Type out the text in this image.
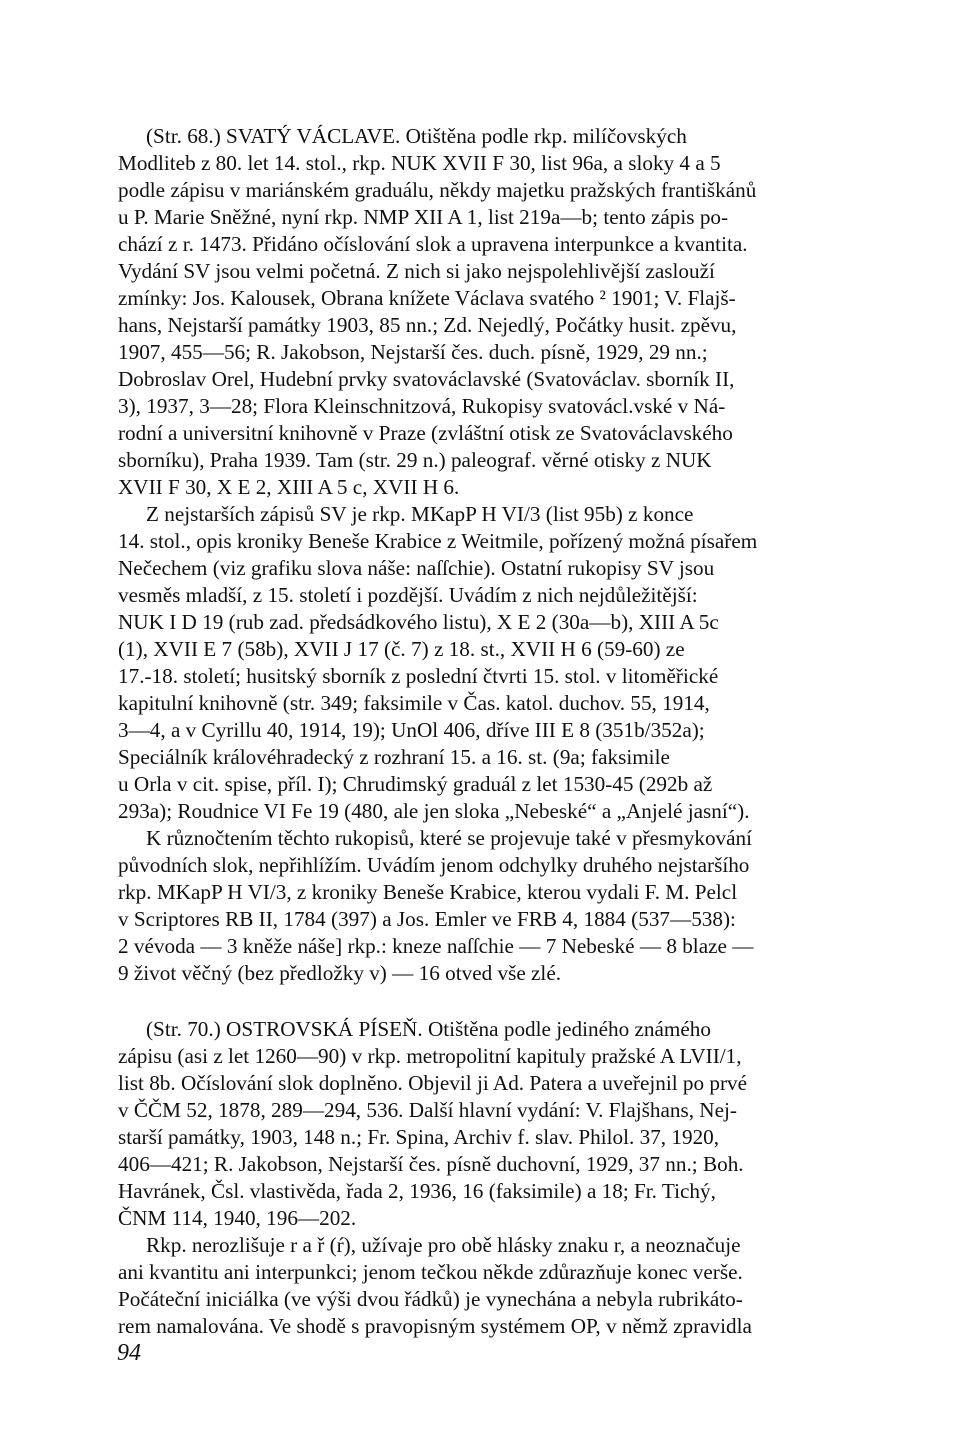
(Str. 68.) SVATÝ VÁCLAVE. Otištěna podle rkp. milíčovských
Modliteb z 80. let 14. stol., rkp. NUK XVII F 30, list 96a, a sloky 4 a 5
podle zápisu v mariánském graduálu, někdy majetku pražských františkánů
u P. Marie Sněžné, nyní rkp. NMP XII A 1, list 219a—b; tento zápis po-
chází z r. 1473. Přidáno očíslování slok a upravena interpunkce a kvantita.
Vydání SV jsou velmi početná. Z nich si jako nejspolehlivější zaslouží
zmínky: Jos. Kalousek, Obrana knížete Václava svatého ² 1901; V. Flajš-
hans, Nejstarší památky 1903, 85 nn.; Zd. Nejedlý, Počátky husit. zpěvu,
1907, 455—56; R. Jakobson, Nejstarší čes. duch. písně, 1929, 29 nn.;
Dobroslav Orel, Hudební prvky svatováclavské (Svatováclav. sborník II,
3), 1937, 3—28; Flora Kleinschnitzová, Rukopisy svatovácl.vské v Ná-
rodní a universitní knihovně v Praze (zvláštní otisk ze Svatováclavského
sborníku), Praha 1939. Tam (str. 29 n.) paleograf. věrné otisky z NUK
XVII F 30, X E 2, XIII A 5 c, XVII H 6.
Z nejstarších zápisů SV je rkp. MKapP H VI/3 (list 95b) z konce
14. stol., opis kroniky Beneše Krabice z Weitmile, pořízený možná písařem
Nečechem (viz grafiku slova náše: naſſchie). Ostatní rukopisy SV jsou
vesměs mladší, z 15. století i pozdější. Uvádím z nich nejdůležitější:
NUK I D 19 (rub zad. předsádkového listu), X E 2 (30a—b), XIII A 5c
(1), XVII E 7 (58b), XVII J 17 (č. 7) z 18. st., XVII H 6 (59-60) ze
17.-18. století; husitský sborník z poslední čtvrti 15. stol. v litoměřické
kapitulní knihovně (str. 349; faksimile v Čas. katol. duchov. 55, 1914,
3—4, a v Cyrillu 40, 1914, 19); UnOl 406, dříve III E 8 (351b/352a);
Speciálník královéhradecký z rozhraní 15. a 16. st. (9a; faksimile
u Orla v cit. spise, příl. I); Chrudimský graduál z let 1530-45 (292b až
293a); Roudnice VI Fe 19 (480, ale jen sloka „Nebeské“ a „Anjelé jasní“).
K různočtením těchto rukopisů, které se projevuje také v přesmykování
původních slok, nepřihlížím. Uvádím jenom odchylky druhého nejstaršího
rkp. MKapP H VI/3, z kroniky Beneše Krabice, kterou vydali F. M. Pelcl
v Scriptores RB II, 1784 (397) a Jos. Emler ve FRB 4, 1884 (537—538):
2 vévoda — 3 kněže náše] rkp.: kneze naſſchie — 7 Nebeské — 8 blaze —
9 život věčný (bez předložky v) — 16 otved vše zlé.
(Str. 70.) OSTROVSKÁ PÍSEŇ. Otištěna podle jediného známého
zápisu (asi z let 1260—90) v rkp. metropolitní kapituly pražské A LVII/1,
list 8b. Očíslování slok doplněno. Objevil ji Ad. Patera a uveřejnil po prvé
v ČČM 52, 1878, 289—294, 536. Další hlavní vydání: V. Flajšhans, Nej-
starší památky, 1903, 148 n.; Fr. Spina, Archiv f. slav. Philol. 37, 1920,
406—421; R. Jakobson, Nejstarší čes. písně duchovní, 1929, 37 nn.; Boh.
Havránek, Čsl. vlastivěda, řada 2, 1936, 16 (faksimile) a 18; Fr. Tichý,
ČNM 114, 1940, 196—202.
Rkp. nerozlišuje r a ř (ŕ), užívaje pro obě hlásky znaku r, a neoznačuje
ani kvantitu ani interpunkci; jenom tečkou někde zdůrazňuje konec verše.
Počáteční iniciálka (ve výši dvou řádků) je vynechána a nebyla rubrikáto-
rem namalována. Ve shodě s pravopisným systémem OP, v němž zpravidla
94
